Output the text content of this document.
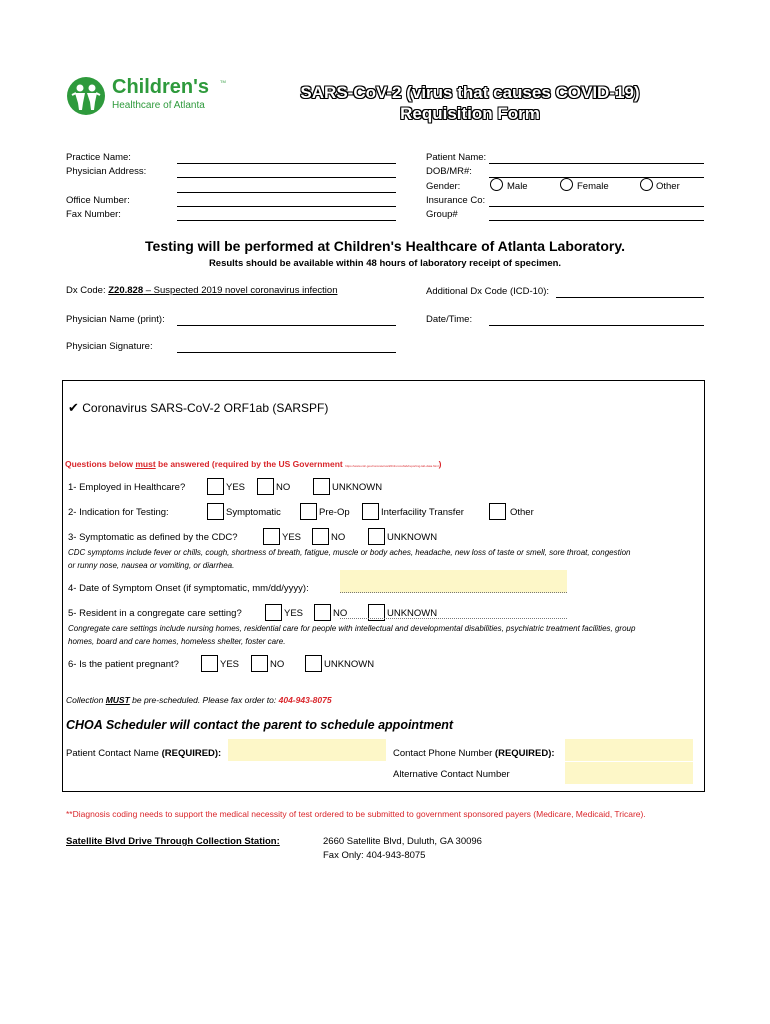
Children's	TM
Healthcare of Atlanta
SARS-CoV-2 (virus that causes COVID-19)
Requisition Form
Practice Name:
Physician Address:
Office Number:
Fax Number:
Patient Name:
DOB/MR#:
Gender:	Male	Female	Other
Insurance Co:
Group#
Testing will be performed at Children's Healthcare of Atlanta Laboratory.
Results should be available within 48 hours of laboratory receipt of specimen.
Dx Code: Z20.828 – Suspected 2019 novel coronavirus infection	Additional Dx Code (ICD-10):
Physician Name (print):	Date/Time:
Physician Signature:
✔ Coronavirus SARS-CoV-2 ORF1ab (SARSPF)
Questions below must be answered (required by the US Government https://www.cdc.gov/coronavirus/2019-ncov/lab/reporting-lab-data.html)
1- Employed in Healthcare?	YES	NO	UNKNOWN
2- Indication for Testing:	Symptomatic	Pre-Op	Interfacility Transfer	Other
3- Symptomatic as defined by the CDC?	YES	NO	UNKNOWN
CDC symptoms include fever or chills, cough, shortness of breath, fatigue, muscle or body aches, headache, new loss of taste or smell, sore throat, congestion or runny nose, nausea or vomiting, or diarrhea.
4- Date of Symptom Onset (if symptomatic, mm/dd/yyyy):
5- Resident in a congregate care setting?	YES	NO	UNKNOWN
Congregate care settings include nursing homes, residential care for people with intellectual and developmental disabilities, psychiatric treatment facilities, group homes, board and care homes, homeless shelter, foster care.
6- Is the patient pregnant?	YES	NO	UNKNOWN
Collection MUST be pre-scheduled. Please fax order to: 404-943-8075
CHOA Scheduler will contact the parent to schedule appointment
Patient Contact Name (REQUIRED):	Contact Phone Number (REQUIRED):
Alternative Contact Number
**Diagnosis coding needs to support the medical necessity of test ordered to be submitted to government sponsored payers (Medicare, Medicaid, Tricare).
Satellite Blvd Drive Through Collection Station:	2660 Satellite Blvd, Duluth, GA 30096
Fax Only: 404-943-8075
